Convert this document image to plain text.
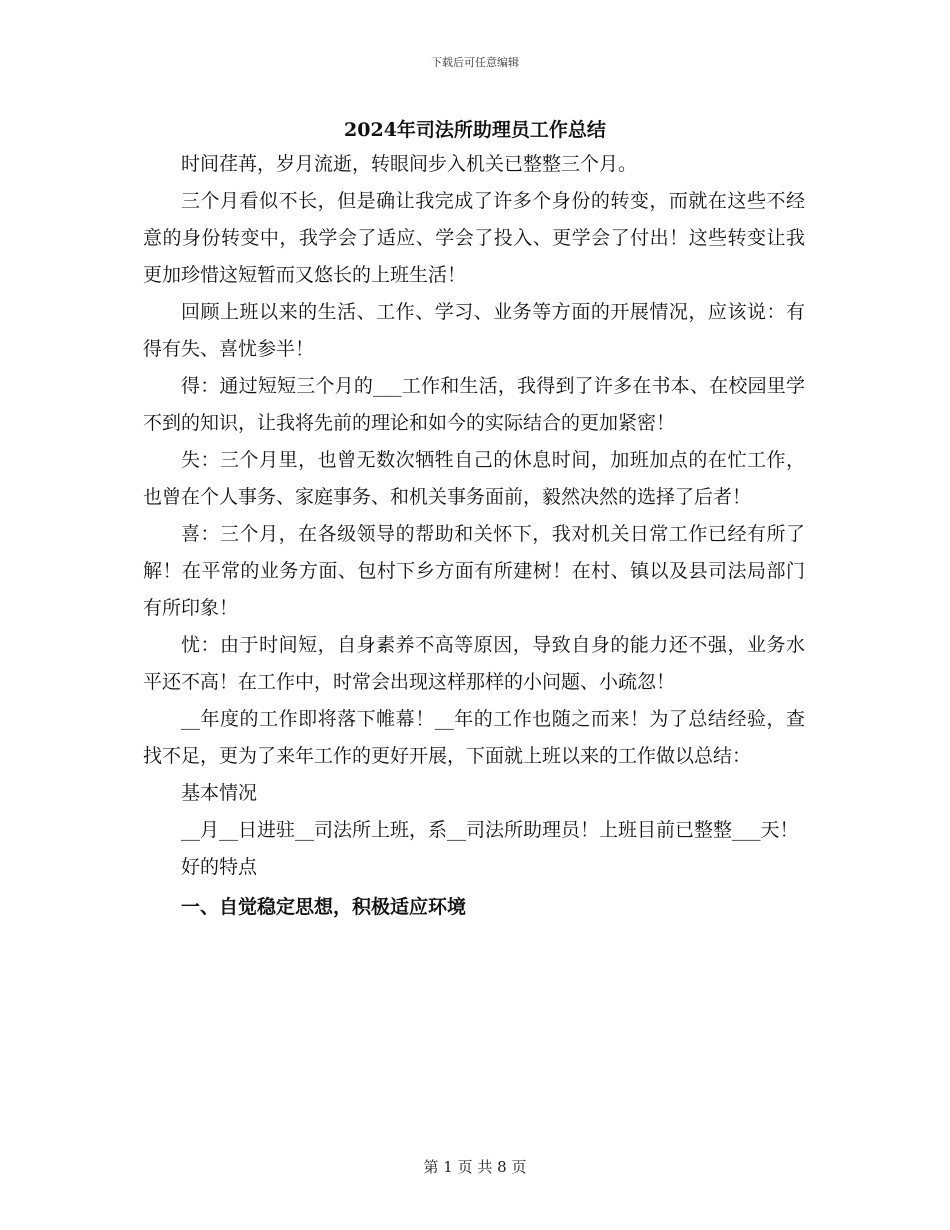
下载后可任意编辑
2024年司法所助理员工作总结

时间荏苒，岁月流逝，转眼间步入机关已整整三个月。

三个月看似不长，但是确让我完成了许多个身份的转变，而就在这些不经意的身份转变中，我学会了适应、学会了投入、更学会了付出！这些转变让我更加珍惜这短暂而又悠长的上班生活！

回顾上班以来的生活、工作、学习、业务等方面的开展情况，应该说：有得有失、喜忧参半！

得：通过短短三个月的___工作和生活，我得到了许多在书本、在校园里学不到的知识，让我将先前的理论和如今的实际结合的更加紧密！

失：三个月里，也曾无数次牺牲自己的休息时间，加班加点的在忙工作，也曾在个人事务、家庭事务、和机关事务面前，毅然决然的选择了后者！

喜：三个月，在各级领导的帮助和关怀下，我对机关日常工作已经有所了解！在平常的业务方面、包村下乡方面有所建树！在村、镇以及县司法局部门有所印象！

忧：由于时间短，自身素养不高等原因，导致自身的能力还不强，业务水平还不高！在工作中，时常会出现这样那样的小问题、小疏忽！

__年度的工作即将落下帷幕！__年的工作也随之而来！为了总结经验，查找不足，更为了来年工作的更好开展，下面就上班以来的工作做以总结：

基本情况

__月__日进驻__司法所上班，系__司法所助理员！上班目前已整整___天！

好的特点

一、自觉稳定思想，积极适应环境

第 1 页 共 8 页
